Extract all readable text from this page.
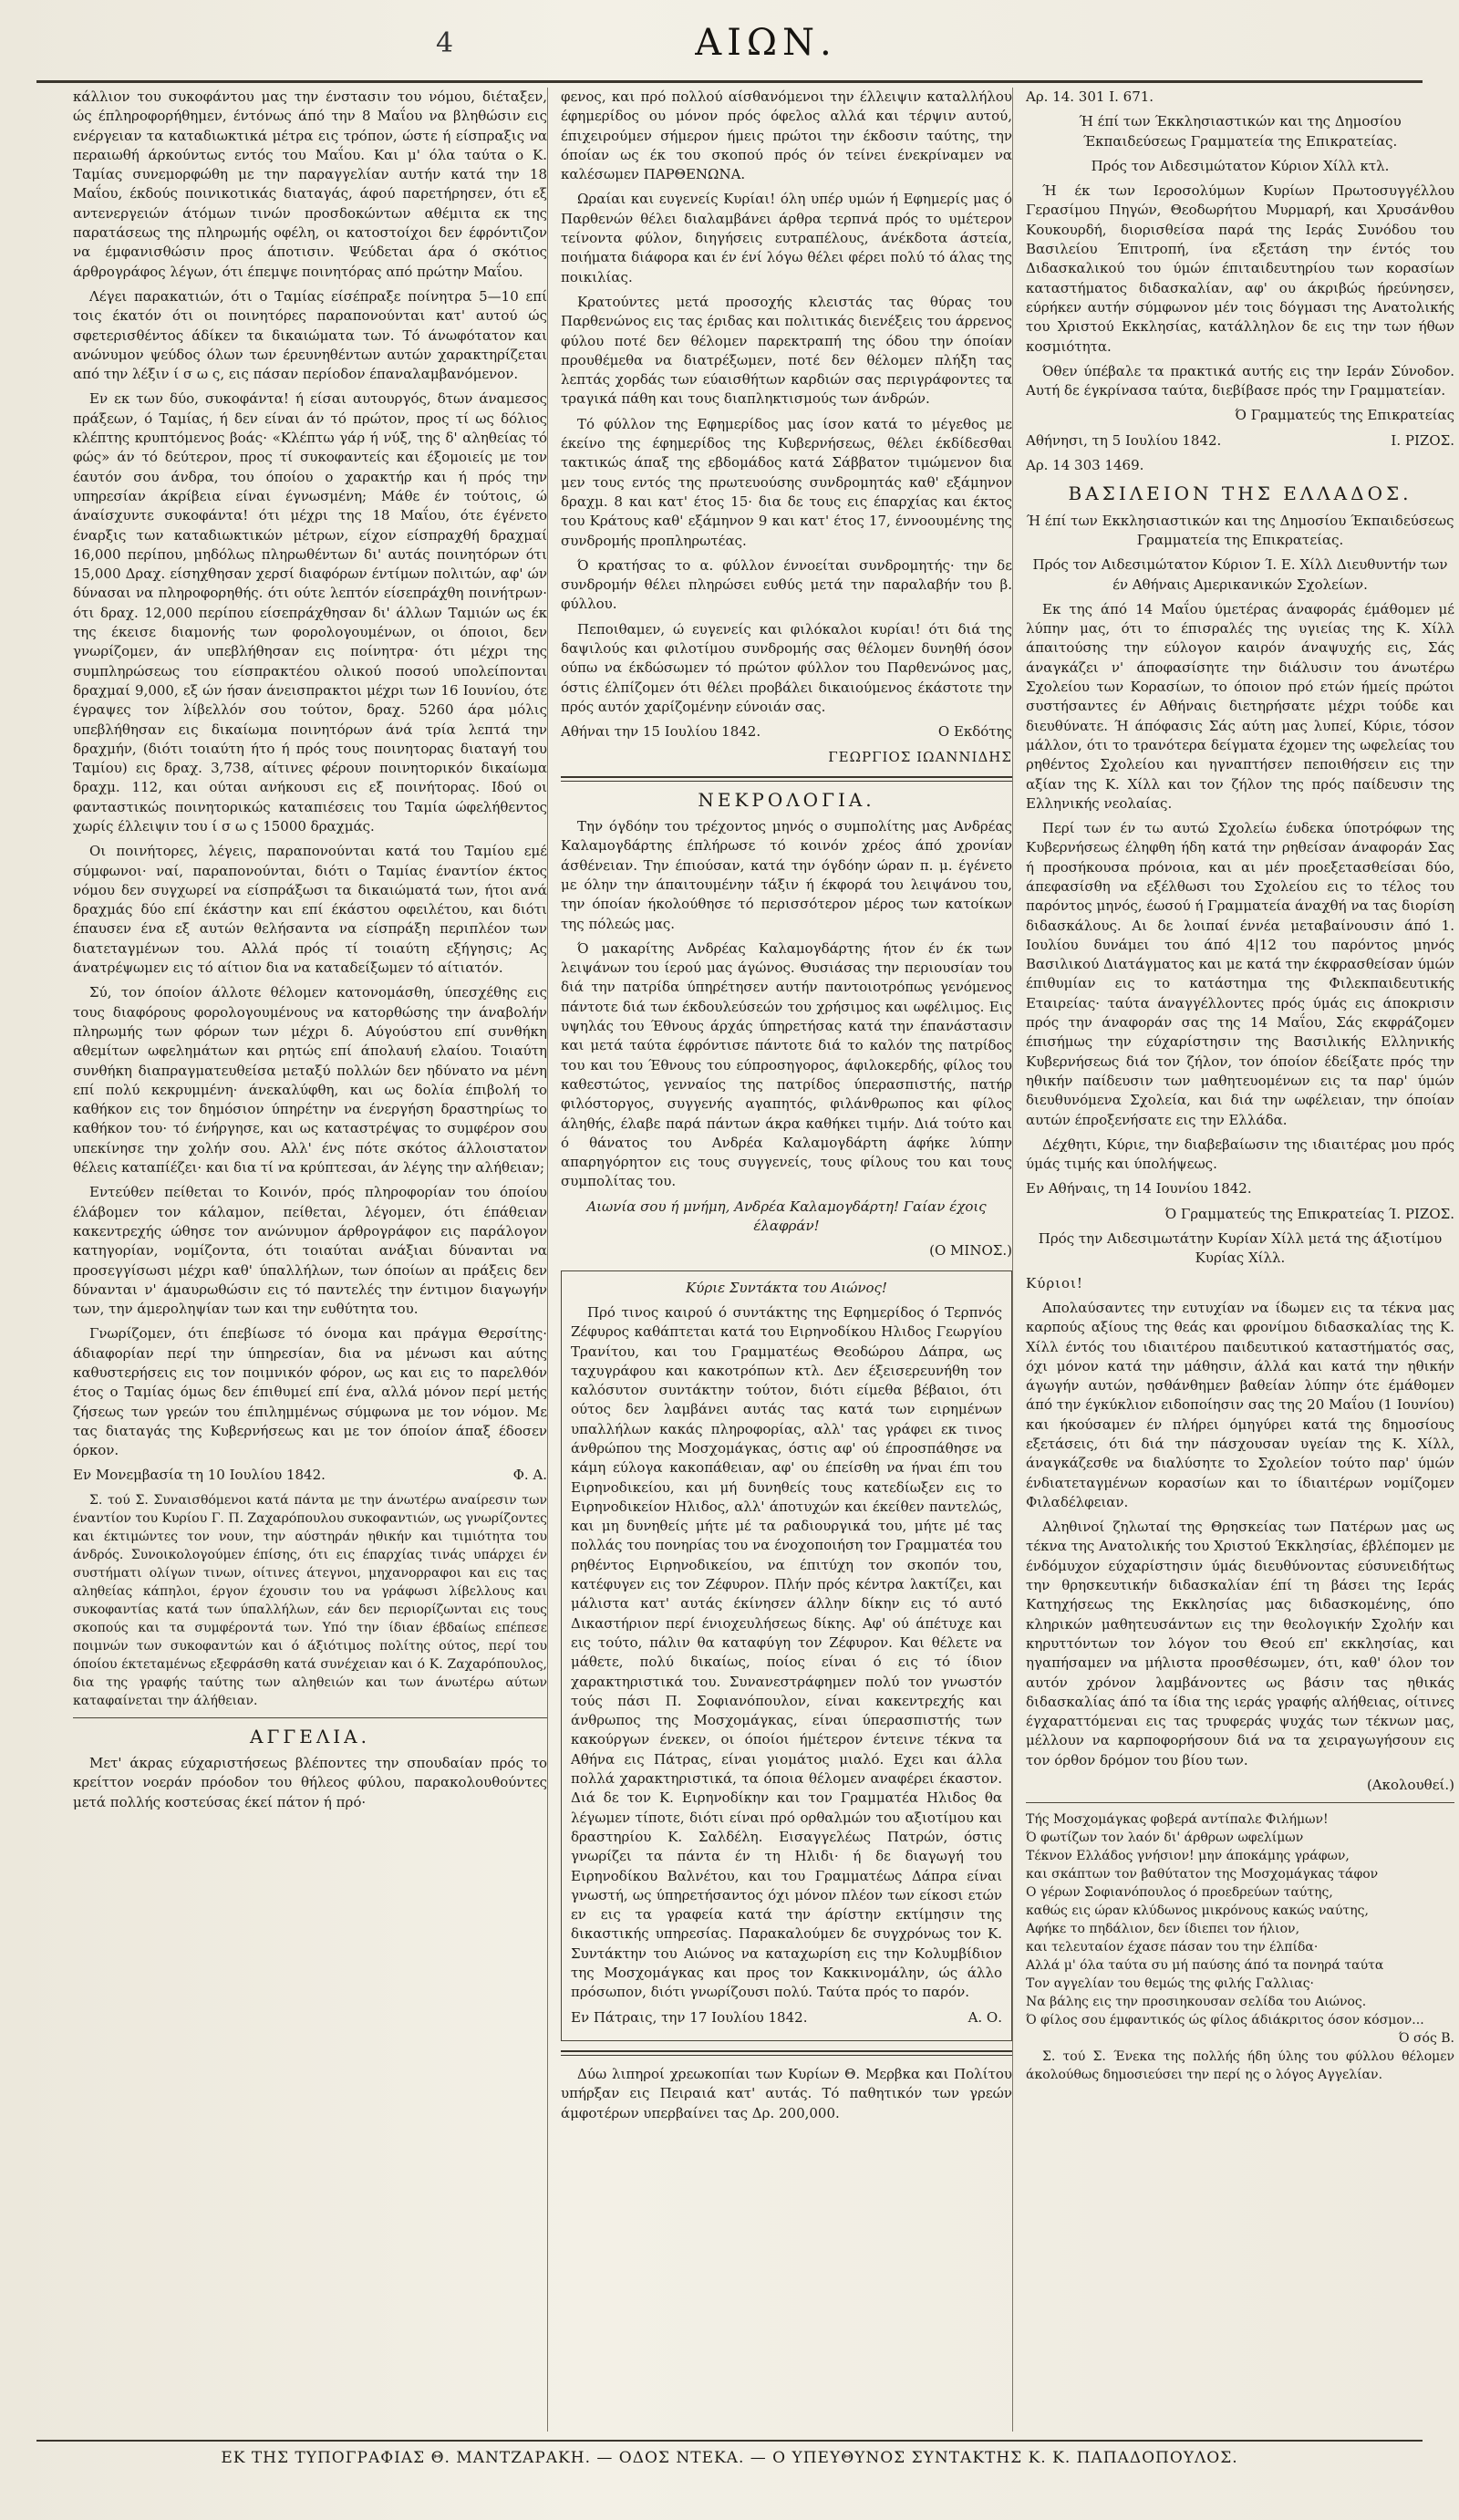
4	ΑΙΩΝ.

κάλλιον του συκοφάντου μας την ένστασιν του νόμου, διέταξεν, ώς έπληροφορήθημεν, έντόνως άπό την 8 Μαΐου να βληθώσιν εις ενέργειαν τα καταδιωκτικά μέτρα εις τρόπον, ώστε ή είσπραξις να περαιωθή άρκούντως εντός του Μαΐου. Και μ' όλα ταύτα ο Κ. Ταμίας συνεμορφώθη με την παραγγελίαν αυτήν κατά την 18 Μαΐου, έκδούς ποινικοτικάς διαταγάς, άφού παρετήρησεν, ότι εξ αντενεργειών άτόμων τινών προσδοκώντων αθέμιτα εκ της παρατάσεως της πληρωμής οφέλη, οι κατοστοίχοι δεν έφρόντιζον να έμφανισθώσιν προς άποτισιν. Ψεύδεται άρα ό σκότιος άρθρογράφος λέγων, ότι έπεμψε ποινητόρας από πρώτην Μαΐου.

Λέγει παρακατιών, ότι ο Ταμίας είσέπραξε ποίνητρα 5—10 επί τοις έκατόν ότι οι ποινητόρες παραπονούνται κατ' αυτού ώς σφετερισθέντος άδίκεν τα δικαιώματα των. Τό άνωφότατον και ανώνυμον ψεύδος όλων των έρευνηθέντων αυτών χαρακτηρίζεται από την λέξιν ί σ ω ς, εις πάσαν περίοδον έπαναλαμβανόμενον.

Εν εκ των δύο, συκοφάντα! ή είσαι αυτουργός, δτων άναμεσος πράξεων, ό Ταμίας, ή δεν είναι άν τό πρώτον, προς τί ως δόλιος κλέπτης κρυπτόμενος βοάς· «Κλέπτω γάρ ή νύξ, της δ' αληθείας τό φώς» άν τό δεύτερον, προς τί συκοφαντείς και έξομοιείς με τον έαυτόν σου άνδρα, του όποίου ο χαρακτήρ και ή πρός την υπηρεσίαν άκρίβεια είναι έγνωσμένη; Μάθε έν τούτοις, ώ άναίσχυντε συκοφάντα! ότι μέχρι της 18 Μαΐου, ότε έγένετο έναρξις των καταδιωκτικών μέτρων, είχον είσπραχθή δραχμαί 16,000 περίπου, μηδόλως πληρωθέντων δι' αυτάς ποινητόρων ότι 15,000 Δραχ. είσηχθησαν χερσί διαφόρων έντίμων πολιτών, αφ' ών δύνασαι να πληροφορηθής. ότι ούτε λεπτόν είσεπράχθη ποινήτρων· ότι δραχ. 12,000 περίπου είσεπράχθησαν δι' άλλων Ταμιών ως έκ της έκεισε διαμονής των φορολογουμένων, οι όποιοι, δεν γνωρίζομεν, άν υπεβλήθησαν εις ποίνητρα· ότι μέχρι της συμπληρώσεως του είσπρακτέου ολικού ποσού υπολείπονται δραχμαί 9,000, εξ ών ήσαν άνεισπρακτοι μέχρι των 16 Ιουνίου, ότε έγραψες τον λίβελλόν σου τούτον, δραχ. 5260 άρα μόλις υπεβλήθησαν εις δικαίωμα ποινητόρων άνά τρία λεπτά την δραχμήν, (διότι τοιαύτη ήτο ή πρός τους ποινητορας διαταγή του Ταμίου) εις δραχ. 3,738, αίτινες φέρουν ποινητορικόν δικαίωμα δραχμ. 112, και ούται ανήκουσι εις εξ ποινήτορας. Ιδού οι φανταστικώς ποινητορικώς καταπιέσεις του Ταμία ώφελήθεντος χωρίς έλλειψιν του ί σ ω ς 15000 δραχμάς.

Οι ποινήτορες, λέγεις, παραπονούνται κατά του Ταμίου εμέ σύμφωνοι· ναί, παραπονούνται, διότι ο Ταμίας έναντίον έκτος νόμου δεν συγχωρεί να είσπράξωσι τα δικαιώματά των, ήτοι ανά δραχμάς δύο επί έκάστην και επί έκάστου οφειλέτου, και διότι έπαυσεν ένα εξ αυτών θελήσαντα να είσπράξη περιπλέον των διατεταγμένων του. Αλλά πρός τί τοιαύτη εξήγησις; Ας άνατρέψωμεν εις τό αίτιον δια να καταδείξωμεν τό αίτιατόν.

Σύ, τον όποίον άλλοτε θέλομεν κατονομάσθη, ύπεσχέθης εις τους διαφόρους φορολογουμένους να κατορθώσης την άναβολήν πληρωμής των φόρων των μέχρι δ. Αύγούστου επί συνθήκη αθεμίτων ωφελημάτων και ρητώς επί άπολαυή ελαίου. Τοιαύτη συνθήκη διαπραγματευθείσα μεταξύ πολλών δεν ηδύνατο να μένη επί πολύ κεκρυμμένη· άνεκαλύφθη, και ως δολία έπιβολή το καθήκον εις τον δημόσιον ύπηρέτην να ένεργήση δραστηρίως το καθήκον του· τό ένήργησε, και ως καταστρέψας το συμφέρον σου υπεκίνησε την χολήν σου. Αλλ' ένς πότε σκότος άλλοιστατον θέλεις καταπίέζει· και δια τί να κρύπτεσαι, άν λέγης την αλήθειαν;

Εντεύθεν πείθεται το Κοινόν, πρός πληροφορίαν του όποίου έλάβομεν τον κάλαμον, πείθεται, λέγομεν, ότι έπάθειαν κακεντρεχής ώθησε τον ανώνυμον άρθρογράφον εις παράλογον κατηγορίαν, νομίζοντα, ότι τοιαύται ανάξιαι δύνανται να προσεγγίσωσι μέχρι καθ' ύπαλλήλων, των όποίων αι πράξεις δεν δύνανται ν' άμαυρωθώσιν εις τό παντελές την έντιμον διαγωγήν των, την άμεροληψίαν των και την ευθύτητα του.

Γνωρίζομεν, ότι έπεβίωσε τό όνομα και πράγμα Θερσίτης· άδιαφορίαν περί την ύπηρεσίαν, δια να μένωσι και αύτης καθυστερήσεις εις τον ποιμνικόν φόρον, ως και εις το παρελθόν έτος ο Ταμίας όμως δεν έπιθυμεί επί ένα, αλλά μόνον περί μετής ζήσεως των γρεών του έπιλημμένως σύμφωνα με τον νόμον. Με τας διαταγάς της Κυβερνήσεως και με τον όποίον άπαξ έδοσεν όρκον.

Εν Μονεμβασία τη 10 Ιουλίου 1842.	Φ. Α.

Σ. τού Σ. Συναισθόμενοι κατά πάντα με την άνωτέρω αναίρεσιν των έναντίον του Κυρίου Γ. Π. Ζαχαρόπουλου συκοφαντιών, ως γνωρίζοντες και έκτιμώντες τον νουν, την αύστηράν ηθικήν και τιμιότητα του άνδρός. Συνοικολογούμεν έπίσης, ότι εις έπαρχίας τινάς υπάρχει έν συστήματι ολίγων τινων, οίτινες άτεγνοι, μηχανορραφοι και εις τας αληθείας κάπηλοι, έργον έχουσιν του να γράφωσι λίβελλους και συκοφαντίας κατά των ύπαλλήλων, εάν δεν περιορίζωνται εις τους σκοπούς και τα συμφέροντά των. Υπό την ίδιαν έβδαίως επέπεσε ποιμνών των συκοφαντών και ό άξιότιμος πολίτης ούτος, περί του όποίου έκτεταμένως εξεφράσθη κατά συνέχειαν και ό Κ. Ζαχαρόπουλος, δια της γραφής ταύτης των αληθειών και των άνωτέρω αύτων καταφαίνεται την άλήθειαν.

ΑΓΓΕΛΙΑ.

Μετ' άκρας εύχαριστήσεως βλέποντες την σπουδαίαν πρός το κρείττον νοεράν πρόοδον του θήλεος φύλου, παρακολουθούντες μετά πολλής κοστεύσας έκεί πάτον ή πρό·

φενος, και πρό πολλού αίσθανόμενοι την έλλειψιν καταλλήλου έφημερίδος ου μόνον πρός όφελος αλλά και τέρψιν αυτού, έπιχειρούμεν σήμερον ήμεις πρώτοι την έκδοσιν ταύτης, την όποίαν ως έκ του σκοπού πρός όν τείνει ένεκρίναμεν να καλέσωμεν ΠΑΡΘΕΝΩΝΑ.

Ωραίαι και ευγενείς Κυρίαι! όλη υπέρ υμών ή Εφημερίς μας ό Παρθενών θέλει διαλαμβάνει άρθρα τερπνά πρός το υμέτερον τείνοντα φύλον, διηγήσεις ευτραπέλους, άνέκδοτα άστεία, ποιήματα διάφορα και έν ένί λόγω θέλει φέρει πολύ τό άλας της ποικιλίας.

Κρατούντες μετά προσοχής κλειστάς τας θύρας του Παρθενώνος εις τας έριδας και πολιτικάς διενέξεις του άρρενος φύλου ποτέ δεν θέλομεν παρεκτραπή της όδου την όποίαν προυθέμεθα να διατρέξωμεν, ποτέ δεν θέλομεν πλήξη τας λεπτάς χορδάς των εύαισθήτων καρδιών σας περιγράφοντες τα τραγικά πάθη και τους διαπληκτισμούς των άνδρών.

Τό φύλλον της Εφημερίδος μας ίσον κατά το μέγεθος με έκείνο της έφημερίδος της Κυβερνήσεως, θέλει έκδίδεσθαι τακτικώς άπαξ της εβδομάδος κατά Σάββατον τιμώμενον δια μεν τους εντός της πρωτευούσης συνδρομητάς καθ' εξάμηνον δραχμ. 8 και κατ' έτος 15· δια δε τους εις έπαρχίας και έκτος του Κράτους καθ' εξάμηνον 9 και κατ' έτος 17, έννοουμένης της συνδρομής προπληρωτέας.

Ό κρατήσας το α. φύλλον έννοείται συνδρομητής· την δε συνδρομήν θέλει πληρώσει ευθύς μετά την παραλαβήν του β. φύλλου.

Πεποιθαμεν, ώ ευγενείς και φιλόκαλοι κυρίαι! ότι διά της δαψιλούς και φιλοτίμου συνδρομής σας θέλομεν δυνηθή όσον ούπω να έκδώσωμεν τό πρώτον φύλλον του Παρθενώνος μας, όστις έλπίζομεν ότι θέλει προβάλει δικαιούμενος έκάστοτε την πρός αυτόν χαρίζομένην εύνοιάν σας.

Αθήναι την 15 Ιουλίου 1842.	Ο Εκδότης

ΓΕΩΡΓΙΟΣ ΙΩΑΝΝΙΔΗΣ

ΝΕΚΡΟΛΟΓΙΑ.

Την όγδόην του τρέχοντος μηνός ο συμπολίτης μας Ανδρέας Καλαμογδάρτης έπλήρωσε τό κοινόν χρέος άπό χρονίαν άσθένειαν. Την έπιούσαν, κατά την όγδόην ώραν π. μ. έγένετο με όλην την άπαιτουμένην τάξιν ή έκφορά του λειψάνου του, την όποίαν ήκολούθησε τό περισσότερον μέρος των κατοίκων της πόλεώς μας.

Ό μακαρίτης Ανδρέας Καλαμογδάρτης ήτον έν έκ των λειψάνων του ίερού μας άγώνος. Θυσιάσας την περιουσίαν του διά την πατρίδα ύπηρέτησεν αυτήν παντοιοτρόπως γενόμενος πάντοτε διά των έκδουλεύσεών του χρήσιμος και ωφέλιμος. Εις υψηλάς του Έθνους άρχάς ύπηρετήσας κατά την έπανάστασιν και μετά ταύτα έφρόντισε πάντοτε διά το καλόν της πατρίδος του και του Έθνους του εύπροσηγορος, άφιλοκερδής, φίλος του καθεστώτος, γενναίος της πατρίδος ύπερασπιστής, πατήρ φιλόστοργος, συγγενής αγαπητός, φιλάνθρωπος και φίλος άληθής, έλαβε παρά πάντων άκρα καθήκει τιμήν. Διά τούτο και ό θάνατος του Ανδρέα Καλαμογδάρτη άφήκε λύπην απαρηγόρητον εις τους συγγενείς, τους φίλους του και τους συμπολίτας του.

Αιωνία σου ή μνήμη, Ανδρέα Καλαμογδάρτη! Γαίαν έχοις έλαφράν!

(Ο ΜΙΝΟΣ.)

Κύριε Συντάκτα του Αιώνος!

Πρό τινος καιρού ό συντάκτης της Εφημερίδος ό Τερπνός Ζέφυρος καθάπτεται κατά του Ειρηνοδίκου Ηλιδος Γεωργίου Τρανίτου, και του Γραμματέως Θεοδώρου Δάπρα, ως ταχυγράφου και κακοτρόπων κτλ. Δεν έξεισερευνήθη τον καλόσυτον συντάκτην τούτον, διότι είμεθα βέβαιοι, ότι ούτος δεν λαμβάνει αυτάς τας κατά των ειρημένων υπαλλήλων κακάς πληροφορίας, αλλ' τας γράφει εκ τινος άνθρώπου της Μοσχομάγκας, όστις αφ' ού έπροσπάθησε να κάμη εύλογα κακοπάθειαν, αφ' ου έπείσθη να ήναι έπι του Ειρηνοδικείου, και μή δυνηθείς τους κατεδίωξεν εις το Ειρηνοδικείον Ηλιδος, αλλ' άποτυχών και έκείθεν παντελώς, και μη δυνηθείς μήτε μέ τα ραδιουργικά του, μήτε μέ τας πολλάς του πονηρίας του να ένοχοποιήση τον Γραμματέα του ρηθέντος Ειρηνοδικείου, να έπιτύχη τον σκοπόν του, κατέφυγεν εις τον Ζέφυρον. Πλήν πρός κέντρα λακτίζει, και μάλιστα κατ' αυτάς έκίνησεν άλλην δίκην εις τό αυτό Δικαστήριον περί ένιοχευλήσεως δίκης. Αφ' ού άπέτυχε και εις τούτο, πάλιν θα καταφύγη τον Ζέφυρον. Και θέλετε να μάθετε, πολύ δικαίως, ποίος είναι ό εις τό ίδιον χαρακτηριστικά του. Συνανεστράφημεν πολύ τον γνωστόν τούς πάσι Π. Σοφιανόπουλον, είναι κακεντρεχής και άνθρωπος της Μοσχομάγκας, είναι ύπερασπιστής των κακούργων ένεκεν, οι όποίοι ήμέτερον έντεινε τέκνα τα Αθήνα εις Πάτρας, είναι γιομάτος μιαλό. Εχει και άλλα πολλά χαρακτηριστικά, τα όποια θέλομεν αναφέρει έκαστον. Διά δε τον Κ. Ειρηνοδίκην και τον Γραμματέα Ηλιδος θα λέγωμεν τίποτε, διότι είναι πρό ορθαλμών του αξιοτίμου και δραστηρίου Κ. Σαλδέλη. Εισαγγελέως Πατρών, όστις γνωρίζει τα πάντα έν τη Ηλιδι· ή δε διαγωγή του Ειρηνοδίκου Βαλνέτου, και του Γραμματέως Δάπρα είναι γνωστή, ως ύπηρετήσαντος όχι μόνον πλέον των είκοσι ετών εν εις τα γραφεία κατά την άρίστην εκτίμησιν της δικαστικής υπηρεσίας. Παρακαλούμεν δε συγχρόνως τον Κ. Συντάκτην του Αιώνος να καταχωρίση εις την Κολυμβίδιον της Μοσχομάγκας και προς τον Κακκινομάλην, ώς άλλο πρόσωπον, διότι γνωρίζουσι πολύ. Ταύτα πρός το παρόν.

Εν Πάτραις, την 17 Ιουλίου 1842.	Α. Ο.

Δύω λιπηροί χρεωκοπίαι των Κυρίων Θ. Μερβκα και Πολίτου υπήρξαν εις Πειραιά κατ' αυτάς. Τό παθητικόν των γρεών άμφοτέρων υπερβαίνει τας Δρ. 200,000.

Αρ. 14. 301 Ι. 671.

Ή έπί των Έκκλησιαστικών και της Δημοσίου Έκπαιδεύσεως Γραμματεία της Επικρατείας.

Πρός τον Αιδεσιμώτατον Κύριον Χίλλ κτλ.

Ή έκ των Ιεροσολύμων Κυρίων Πρωτοσυγγέλλου Γερασίμου Πηγών, Θεοδωρήτου Μυρμαρή, και Χρυσάνθου Κουκουρδή, διορισθείσα παρά της Ιεράς Συνόδου του Βασιλείου Έπιτροπή, ίνα εξετάση την έντός του Διδασκαλικού του ύμών έπιταιδευτηρίου των κορασίων καταστήματος διδασκαλίαν, αφ' ου άκριβώς ήρεύνησεν, εύρήκεν αυτήν σύμφωνον μέν τοις δόγμασι της Ανατολικής του Χριστού Εκκλησίας, κατάλληλον δε εις την των ήθων κοσμιότητα.

Όθεν ύπέβαλε τα πρακτικά αυτής εις την Ιεράν Σύνοδον. Αυτή δε έγκρίνασα ταύτα, διεβίβασε πρός την Γραμματείαν.

Ό Γραμματεύς της Επικρατείας

Αθήνησι, τη 5 Ιουλίου 1842.	Ι. ΡΙΖΟΣ.

Αρ. 14 303 1469.

ΒΑΣΙΛΕΙΟΝ ΤΗΣ ΕΛΛΑΔΟΣ.

Ή έπί των Εκκλησιαστικών και της Δημοσίου Έκπαιδεύσεως Γραμματεία της Επικρατείας.

Πρός τον Αιδεσιμώτατον Κύριον Ί. Ε. Χίλλ Διευθυντήν των έν Αθήναις Αμερικανικών Σχολείων.

Εκ της άπό 14 Μαΐου ύμετέρας άναφοράς έμάθομεν μέ λύπην μας, ότι το έπισραλές της υγιείας της Κ. Χίλλ άπαιτούσης την εύλογον καιρόν άναψυχής εις, Σάς άναγκάζει ν' άποφασίσητε την διάλυσιν του άνωτέρω Σχολείου των Κορασίων, το όποιον πρό ετών ήμείς πρώτοι συστήσαντες έν Αθήναις διετηρήσατε μέχρι τούδε και διευθύνατε. Ή άπόφασις Σάς αύτη μας λυπεί, Κύριε, τόσον μάλλον, ότι το τρανότερα δείγματα έχομεν της ωφελείας του ρηθέντος Σχολείου και ηγναπτήσεν πεποιθήσειν εις την αξίαν της Κ. Χίλλ και τον ζήλον της πρός παίδευσιν της Ελληνικής νεολαίας.

Περί των έν τω αυτώ Σχολείω έυδεκα ύποτρόφων της Κυβερνήσεως έληφθη ήδη κατά την ρηθείσαν άναφοράν Σας ή προσήκουσα πρόνοια, και αι μέν προεξετασθείσαι δύο, άπεφασίσθη να εξέλθωσι του Σχολείου εις το τέλος του παρόντος μηνός, έωσού ή Γραμματεία άναχθή να τας διορίση διδασκάλους. Αι δε λοιπαί έννέα μεταβαίνουσιν άπό 1. Ιουλίου δυνάμει του άπό 4|12 του παρόντος μηνός Βασιλικού Διατάγματος και με κατά την έκφρασθείσαν ύμών έπιθυμίαν εις το κατάστημα της Φιλεκπαιδευτικής Εταιρείας· ταύτα άναγγέλλοντες πρός ύμάς εις άποκρισιν πρός την άναφοράν σας της 14 Μαΐου, Σάς εκφράζομεν έπισήμως την εύχαρίστησιν της Βασιλικής Ελληνικής Κυβερνήσεως διά τον ζήλον, τον όποίον έδείξατε πρός την ηθικήν παίδευσιν των μαθητευομένων εις τα παρ' ύμών διευθυνόμενα Σχολεία, και διά την ωφέλειαν, την όποίαν αυτών έπροξενήσατε εις την Ελλάδα.

Δέχθητι, Κύριε, την διαβεβαίωσιν της ιδιαιτέρας μου πρός ύμάς τιμής και ύπολήψεως.

Εν Αθήναις, τη 14 Ιουνίου 1842.

Ό Γραμματεύς της Επικρατείας Ί. ΡΙΖΟΣ.

Πρός την Αιδεσιμωτάτην Κυρίαν Χίλλ μετά της άξιοτίμου Κυρίας Χίλλ.

Κύριοι!

Απολαύσαντες την ευτυχίαν να ίδωμεν εις τα τέκνα μας καρπούς αξίους της θεάς και φρονίμου διδασκαλίας της Κ. Χίλλ έντός του ιδιαιτέρου παιδευτικού καταστήματός σας, όχι μόνον κατά την μάθησιν, άλλά και κατά την ηθικήν άγωγήν αυτών, ησθάνθημεν βαθείαν λύπην ότε έμάθομεν άπό την έγκύκλιον ειδοποίησιν σας της 20 Μαΐου (1 Ιουνίου) και ήκούσαμεν έν πλήρει όμηγύρει κατά της δημοσίους εξετάσεις, ότι διά την πάσχουσαν υγείαν της Κ. Χίλλ, άναγκάζεσθε να διαλύσητε το Σχολείον τούτο παρ' ύμών ένδιατεταγμένων κορασίων και το ίδιαιτέρων νομίζομεν Φιλαδέλφειαν.

Αληθινοί ζηλωταί της Θρησκείας των Πατέρων μας ως τέκνα της Ανατολικής του Χριστού Έκκλησίας, έβλέπομεν με ένδόμυχον εύχαρίστησιν ύμάς διευθύνοντας εύσυνειδήτως την θρησκευτικήν διδασκαλίαν έπί τη βάσει της Ιεράς Κατηχήσεως της Εκκλησίας μας διδασκομένης, όπο κληρικών μαθητευσάντων εις την θεολογικήν Σχολήν και κηρυττόντων τον λόγον του Θεού επ' εκκλησίας, και ηγαπήσαμεν να μήλιστα προσθέσωμεν, ότι, καθ' όλον τον αυτόν χρόνον λαμβάνοντες ως βάσιν τας ηθικάς διδασκαλίας άπό τα ίδια της ιεράς γραφής αλήθειας, οίτινες έγχαραττόμεναι εις τας τρυφεράς ψυχάς των τέκνων μας, μέλλουν να καρποφορήσουν διά να τα χειραγωγήσουν εις τον όρθον δρόμον του βίου των.

(Ακολουθεί.)

Τής Μοσχομάγκας φοβερά αντίπαλε Φιλήμων!
Ό φωτίζων τον λαόν δι' άρθρων ωφελίμων
Τέκνον Ελλάδος γνήσιον! μην άποκάμης γράφων,
και σκάπτων τον βαθύτατον της Μοσχομάγκας τάφον
Ο γέρων Σοφιανόπουλος ό προεδρεύων ταύτης,
καθώς εις ώραν κλύδωνος μικρόνους κακώς ναύτης,
Αφήκε το πηδάλιον, δεν ίδιεπει τον ήλιον,
και τελευταίον έχασε πάσαν του την έλπίδα·
Αλλά μ' όλα ταύτα συ μή παύσης άπό τα πονηρά ταύτα
Τον αγγελίαν του θεμώς της φιλής Γαλλιας·
Να βάλης εις την προσιηκουσαν σελίδα του Αιώνος.
Ό φίλος σου έμφαντικός ώς φίλος άδιάκριτος όσον κόσμον...
Ό σός Β.

Σ. τού Σ. Ένεκα της πολλής ήδη ύλης του φύλλου θέλομεν άκολούθως δημοσιεύσει την περί ης ο λόγος Αγγελίαν.

ΕΚ ΤΗΣ ΤΥΠΟΓΡΑΦΙΑΣ Θ. ΜΑΝΤΖΑΡΑΚΗ. — ΟΔΟΣ ΝΤΕΚΑ. — Ο ΥΠΕΥΘΥΝΟΣ ΣΥΝΤΑΚΤΗΣ Κ. Κ. ΠΑΠΑΔΟΠΟΥΛΟΣ.
